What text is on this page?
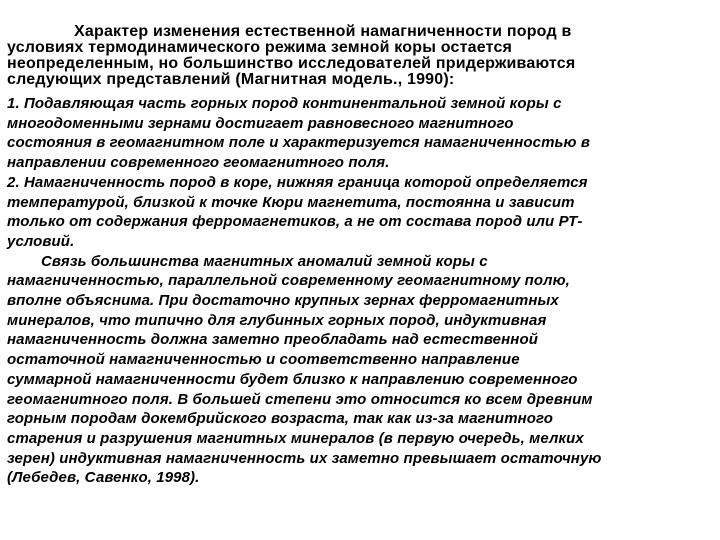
Характер изменения естественной намагниченности пород в
условиях термодинамического режима земной коры остается
неопределенным, но большинство исследователей придерживаются
следующих представлений (Магнитная модель., 1990):
1. Подавляющая часть горных пород континентальной земной коры с
многодоменными зернами достигает равновесного магнитного
состояния в геомагнитном поле и характеризуется намагниченностью в
направлении современного геомагнитного поля.
2. Намагниченность пород в коре, нижняя граница которой определяется
температурой, близкой к точке Кюри магнетита, постоянна и зависит
только от содержания ферромагнетиков, а не от состава пород или РТ-
условий.
Связь большинства магнитных аномалий земной коры с
намагниченностью, параллельной современному геомагнитному полю,
вполне объяснима. При достаточно крупных зернах ферромагнитных
минералов, что типично для глубинных горных пород, индуктивная
намагниченность должна заметно преобладать над естественной
остаточной намагниченностью и соответственно направление
суммарной намагниченности будет близко к направлению современного
геомагнитного поля. В большей степени это относится ко всем древним
горным породам докембрийского возраста, так как из-за магнитного
старения и разрушения магнитных минералов (в первую очередь, мелких
зерен) индуктивная намагниченность их заметно превышает остаточную
(Лебедев, Савенко, 1998).
